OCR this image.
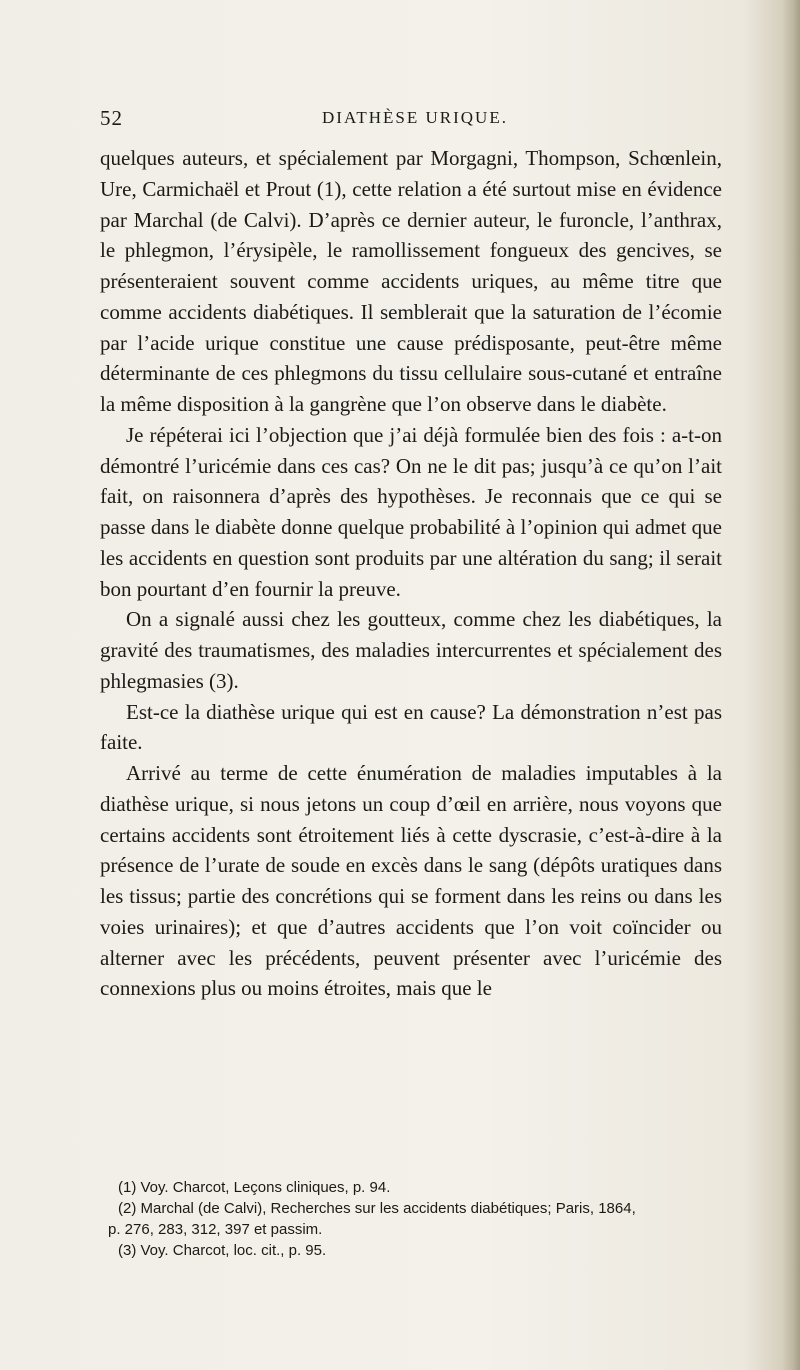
52	DIATHÈSE URIQUE.

quelques auteurs, et spécialement par Morgagni, Thompson, Schœnlein, Ure, Carmichaël et Prout (1), cette relation a été surtout mise en évidence par Marchal (de Calvi). D’après ce dernier auteur, le furoncle, l’anthrax, le phlegmon, l’érysipèle, le ramollissement fongueux des gencives, se présenteraient souvent comme accidents uriques, au même titre que comme accidents diabétiques. Il semblerait que la saturation de l’écomie par l’acide urique constitue une cause prédisposante, peut-être même déterminante de ces phlegmons du tissu cellulaire sous-cutané et entraîne la même disposition à la gangrène que l’on observe dans le diabète.

Je répéterai ici l’objection que j’ai déjà formulée bien des fois : a-t-on démontré l’uricémie dans ces cas? On ne le dit pas; jusqu’à ce qu’on l’ait fait, on raisonnera d’après des hypothèses. Je reconnais que ce qui se passe dans le diabète donne quelque probabilité à l’opinion qui admet que les accidents en question sont produits par une altération du sang; il serait bon pourtant d’en fournir la preuve.

On a signalé aussi chez les goutteux, comme chez les diabétiques, la gravité des traumatismes, des maladies intercurrentes et spécialement des phlegmasies (3).

Est-ce la diathèse urique qui est en cause? La démonstration n’est pas faite.

Arrivé au terme de cette énumération de maladies imputables à la diathèse urique, si nous jetons un coup d’œil en arrière, nous voyons que certains accidents sont étroitement liés à cette dyscrasie, c’est-à-dire à la présence de l’urate de soude en excès dans le sang (dépôts uratiques dans les tissus; partie des concrétions qui se forment dans les reins ou dans les voies urinaires); et que d’autres accidents que l’on voit coïncider ou alterner avec les précédents, peuvent présenter avec l’uricémie des connexions plus ou moins étroites, mais que le

(1) Voy. Charcot, Leçons cliniques, p. 94.

(2) Marchal (de Calvi), Recherches sur les accidents diabétiques; Paris, 1864,
p. 276, 283, 312, 397 et passim.

(3) Voy. Charcot, loc. cit., p. 95.
